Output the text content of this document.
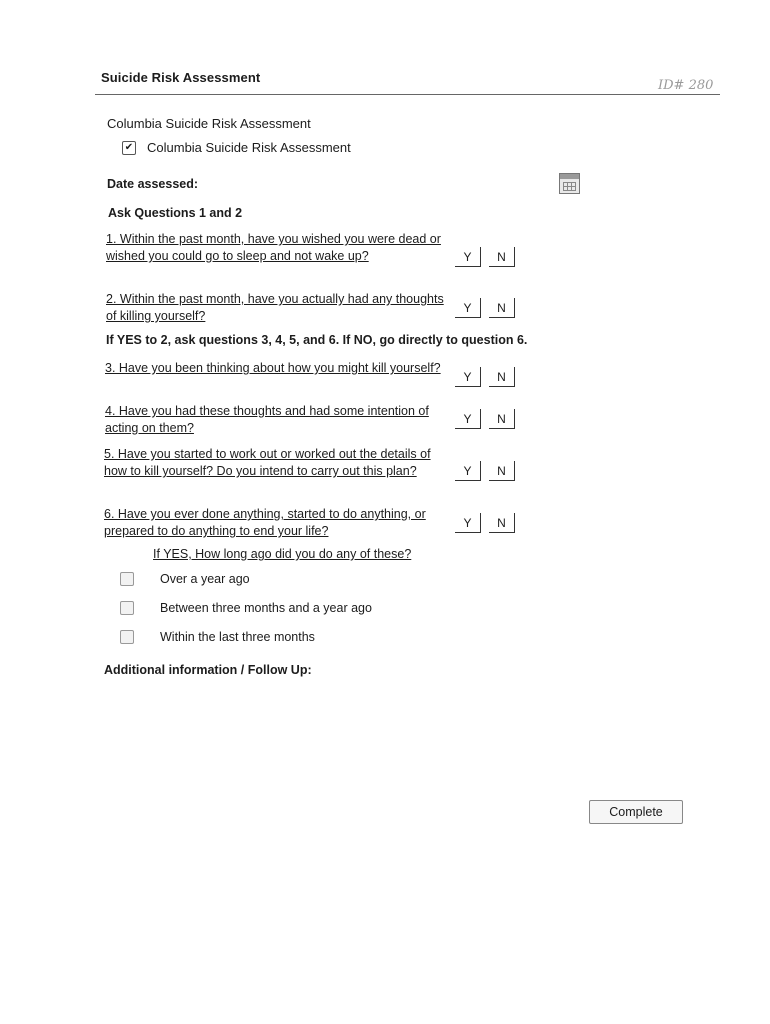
Suicide Risk Assessment
ID# 280
Columbia Suicide Risk Assessment
✔ Columbia Suicide Risk Assessment
Date assessed:
Ask Questions 1 and 2
1. Within the past month, have you wished you were dead or wished you could go to sleep and not wake up?	Y	N
2. Within the past month, have you actually had any thoughts of killing yourself?
Y	N
If YES to 2, ask questions 3, 4, 5, and 6. If NO, go directly to question 6.
3. Have you been thinking about how you might kill yourself?
Y	N
4. Have you had these thoughts and had some intention of acting on them?
Y	N
5. Have you started to work out or worked out the details of how to kill yourself? Do you intend to carry out this plan?	Y	N
6. Have you ever done anything, started to do anything, or prepared to do anything to end your life?
Y	N
If YES, How long ago did you do any of these?
Over a year ago
Between three months and a year ago
Within the last three months
Additional information / Follow Up:
Complete
